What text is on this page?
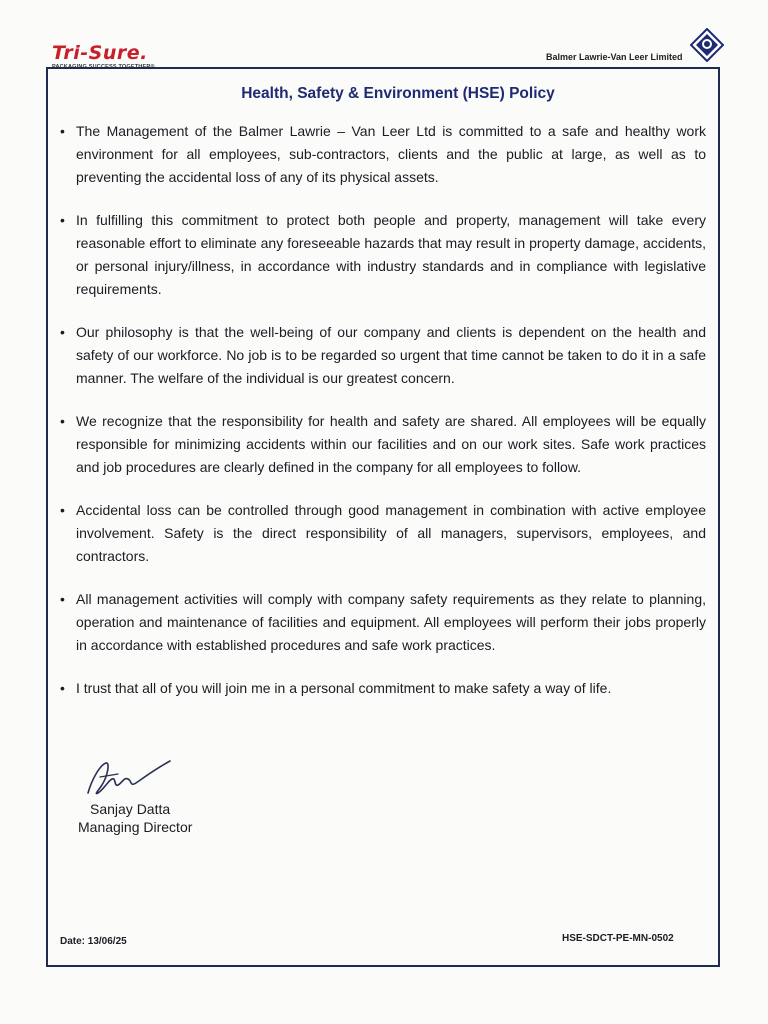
Tri-Sure.
PACKAGING SUCCESS TOGETHER®
Balmer Lawrie-Van Leer Limited
Health, Safety & Environment (HSE) Policy
• The Management of the Balmer Lawrie – Van Leer Ltd is committed to a safe and healthy work environment for all employees, sub-contractors, clients and the public at large, as well as to preventing the accidental loss of any of its physical assets.
• In fulfilling this commitment to protect both people and property, management will take every reasonable effort to eliminate any foreseeable hazards that may result in property damage, accidents, or personal injury/illness, in accordance with industry standards and in compliance with legislative requirements.
• Our philosophy is that the well-being of our company and clients is dependent on the health and safety of our workforce. No job is to be regarded so urgent that time cannot be taken to do it in a safe manner. The welfare of the individual is our greatest concern.
• We recognize that the responsibility for health and safety are shared. All employees will be equally responsible for minimizing accidents within our facilities and on our work sites. Safe work practices and job procedures are clearly defined in the company for all employees to follow.
• Accidental loss can be controlled through good management in combination with active employee involvement. Safety is the direct responsibility of all managers, supervisors, employees, and contractors.
• All management activities will comply with company safety requirements as they relate to planning, operation and maintenance of facilities and equipment. All employees will perform their jobs properly in accordance with established procedures and safe work practices.
• I trust that all of you will join me in a personal commitment to make safety a way of life.
Sanjay Datta
Managing Director
Date: 13/06/25	HSE-SDCT-PE-MN-0502
